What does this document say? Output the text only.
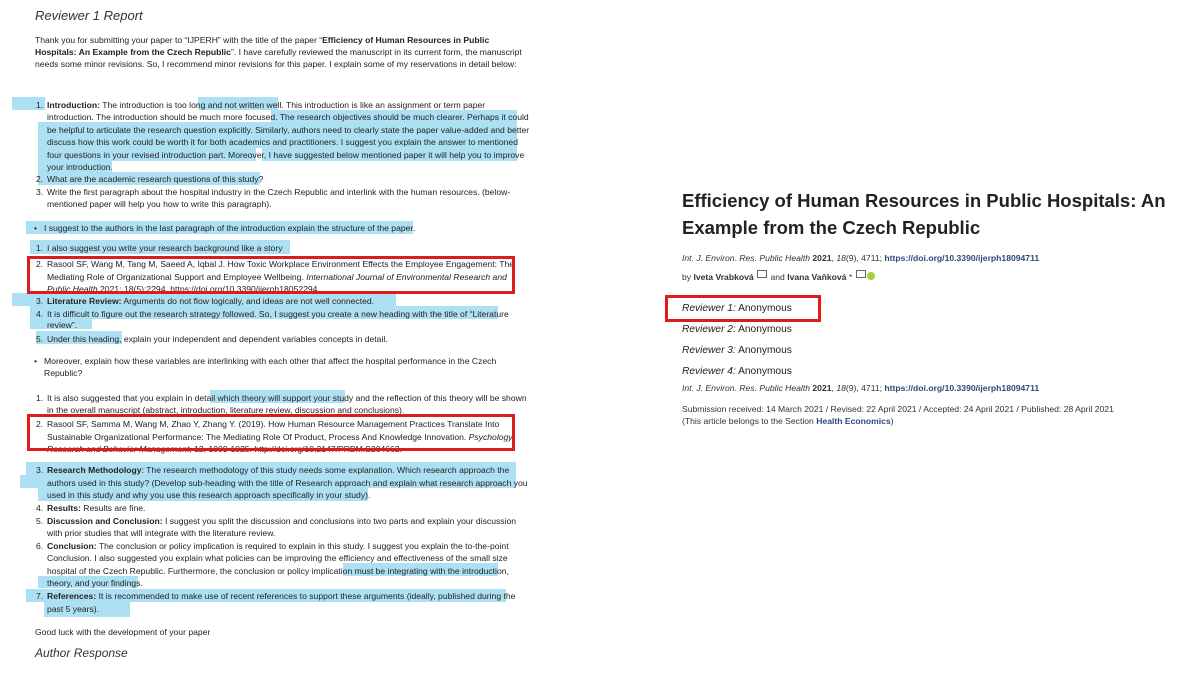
Reviewer 1 Report
Thank you for submitting your paper to “IJPERH” with the title of the paper “Efficiency of Human Resources in Public
Hospitals: An Example from the Czech Republic”. I have carefully reviewed the manuscript in its current form, the manuscript
needs some minor revisions. So, I recommend minor revisions for this paper. I explain some of my reservations in detail below:
1. Introduction: The introduction is too long and not written well. This introduction is like an assignment or term paper
introduction. The introduction should be much more focused. The research objectives should be much clearer. Perhaps it could
be helpful to articulate the research question explicitly. Similarly, authors need to clearly state the paper value-added and better
discuss how this work could be worth it for both academics and practitioners. I suggest you explain the answer to mentioned
four questions in your revised introduction part. Moreover, I have suggested below mentioned paper it will help you to improve
your introduction.
2. What are the academic research questions of this study?
3. Write the first paragraph about the hospital industry in the Czech Republic and interlink with the human resources. (below-
mentioned paper will help you how to write this paragraph).
• I suggest to the authors in the last paragraph of the introduction explain the structure of the paper.
1. I also suggest you write your research background like a story
2. Rasool SF, Wang M, Tang M, Saeed A, Iqbal J. How Toxic Workplace Environment Effects the Employee Engagement: The
Mediating Role of Organizational Support and Employee Wellbeing. International Journal of Environmental Research and
Public Health 2021; 18(5):2294. https://doi.org/10.3390/ijerph18052294.
3. Literature Review: Arguments do not flow logically, and ideas are not well connected.
4. It is difficult to figure out the research strategy followed. So, I suggest you create a new heading with the title of “Literature
review”.
5. Under this heading, explain your independent and dependent variables concepts in detail.
• Moreover, explain how these variables are interlinking with each other that affect the hospital performance in the Czech
Republic?
1. It is also suggested that you explain in detail which theory will support your study and the reflection of this theory will be shown
in the overall manuscript (abstract, introduction, literature review, discussion and conclusions).
2. Rasool SF, Samma M, Wang M, Zhao Y, Zhang Y. (2019). How Human Resource Management Practices Translate Into
Sustainable Organizational Performance: The Mediating Role Of Product, Process And Knowledge Innovation. Psychology
Research and Behavior Management, 12, 1009-1025. http://doi.org/10.2147/PRBM.S204662.
3. Research Methodology: The research methodology of this study needs some explanation. Which research approach the
authors used in this study? (Develop sub-heading with the title of Research approach and explain what research approach you
used in this study and why you use this research approach specifically in your study).
4. Results: Results are fine.
5. Discussion and Conclusion: I suggest you split the discussion and conclusions into two parts and explain your discussion
with prior studies that will integrate with the literature review.
6. Conclusion: The conclusion or policy implication is required to explain in this study. I suggest you explain the to-the-point
Conclusion. I also suggested you explain what policies can be improving the efficiency and effectiveness of the small size
hospital of the Czech Republic. Furthermore, the conclusion or policy implication must be integrating with the introduction,
theory, and your findings.
7. References: It is recommended to make use of recent references to support these arguments (ideally, published during the
past 5 years).
Good luck with the development of your paper
Author Response
Efficiency of Human Resources in Public Hospitals: An
Example from the Czech Republic
Int. J. Environ. Res. Public Health 2021, 18(9), 4711; https://doi.org/10.3390/ijerph18094711
by Iveta Vrabková  and Ivana Vaňková *
Reviewer 1: Anonymous
Reviewer 2: Anonymous
Reviewer 3: Anonymous
Reviewer 4: Anonymous
Int. J. Environ. Res. Public Health 2021, 18(9), 4711; https://doi.org/10.3390/ijerph18094711
Submission received: 14 March 2021 / Revised: 22 April 2021 / Accepted: 24 April 2021 / Published: 28 April 2021
(This article belongs to the Section Health Economics)
